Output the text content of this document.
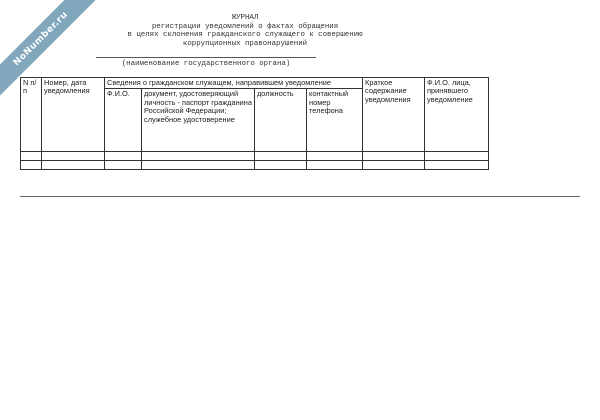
NoNumber.ru	ЖУРНАЛ
регистрации уведомлений о фактах обращения
в целях склонения гражданского служащего к совершению
коррупционных правонарушений
(наименование государственного органа)
N п/п	Номер, дата уведомления	Сведения о гражданском служащем, направившем уведомление				Краткое содержание уведомления	Ф.И.О. лица, принявшего уведомление
		Ф.И.О.	документ, удостоверяющий личность - паспорт гражданина Российской Федерации; служебное удостоверение	должность	контактный номер телефона		
